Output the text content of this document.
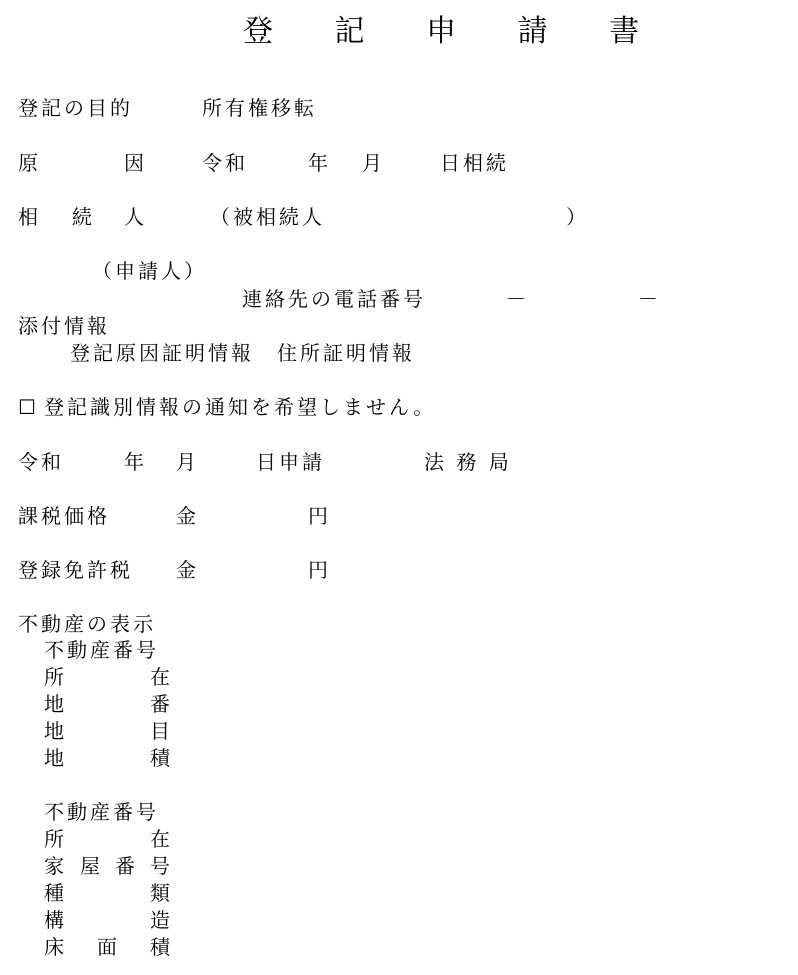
登 記 申 請 書
登記の目的	所有権移転
原	因	令和	年 月	日相続
相 続 人	（被相続人	）
（申請人）
連絡先の電話番号	－	－
添付情報
登記原因証明情報　住所証明情報
☐ 登記識別情報の通知を希望しません。
令和	年 月	日申請	法 務 局
課税価格	金	円
登録免許税 金	円
不動産の表示
不動産番号
所	在
地	番
地	目
地	積
不動産番号
所	在
家 屋 番 号
種	類
構	造
床 面 積
